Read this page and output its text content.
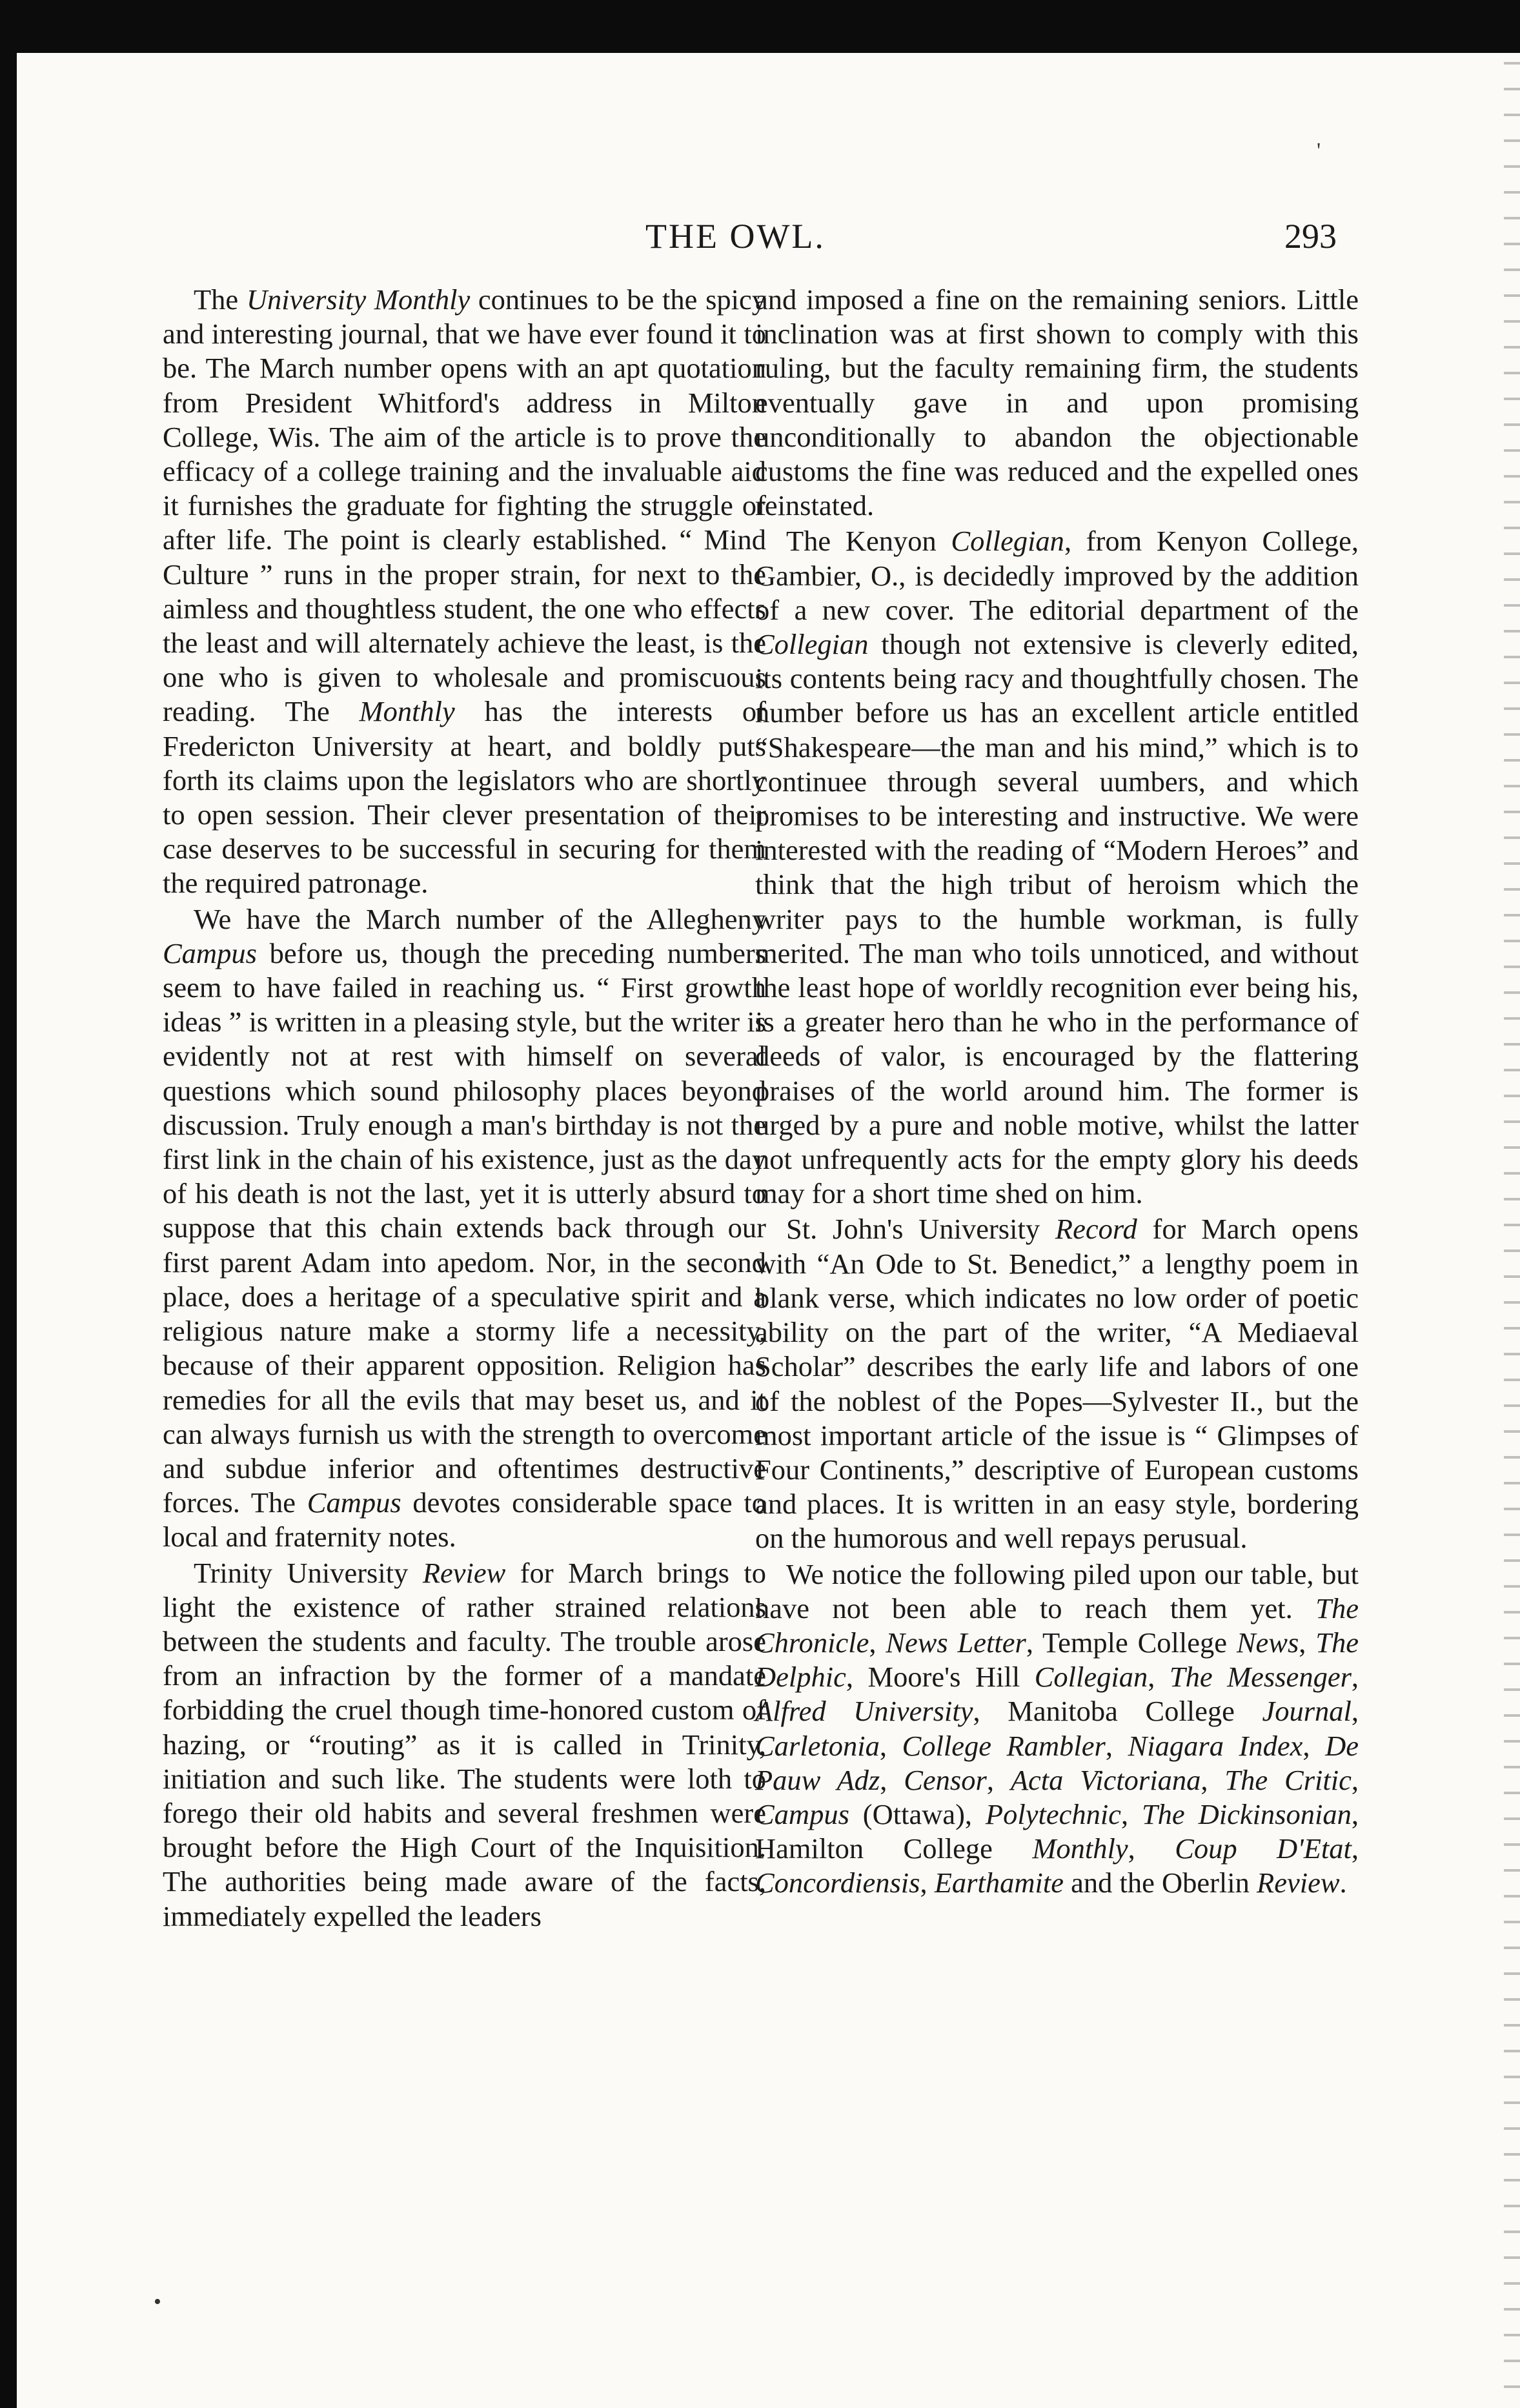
'
•
THE OWL.	293

The University Monthly continues to be the spicy and interesting journal, that we have ever found it to be. The March number opens with an apt quotation from President Whitford's address in Milton College, Wis. The aim of the article is to prove the efficacy of a college training and the invaluable aid it furnishes the graduate for fighting the struggle of after life. The point is clearly established. “ Mind Culture ” runs in the proper strain, for next to the aimless and thoughtless student, the one who effects the least and will alternately achieve the least, is the one who is given to wholesale and promiscuous reading. The Monthly has the interests of Fredericton University at heart, and boldly puts forth its claims upon the legislators who are shortly to open session. Their clever presentation of their case deserves to be successful in securing for them the required patronage.

We have the March number of the Allegheny Campus before us, though the preceding numbers seem to have failed in reaching us. “ First growth ideas ” is written in a pleasing style, but the writer is evidently not at rest with himself on several questions which sound philosophy places beyond discussion. Truly enough a man's birthday is not the first link in the chain of his existence, just as the day of his death is not the last, yet it is utterly absurd to suppose that this chain extends back through our first parent Adam into apedom. Nor, in the second place, does a heritage of a speculative spirit and a religious nature make a stormy life a necessity, because of their apparent opposition. Religion has remedies for all the evils that may beset us, and it can always furnish us with the strength to overcome and subdue inferior and oftentimes destructive forces. The Campus devotes considerable space to local and fraternity notes.

Trinity University Review for March brings to light the existence of rather strained relations between the students and faculty. The trouble arose from an infraction by the former of a mandate forbidding the cruel though time-honored custom of hazing, or “routing” as it is called in Trinity, initiation and such like. The students were loth to forego their old habits and several freshmen were brought before the High Court of the Inquisition. The authorities being made aware of the facts, immediately expelled the leaders

and imposed a fine on the remaining seniors. Little inclination was at first shown to comply with this ruling, but the faculty remaining firm, the students eventually gave in and upon promising unconditionally to abandon the objectionable customs the fine was reduced and the expelled ones reinstated.

The Kenyon Collegian, from Kenyon College, Gambier, O., is decidedly improved by the addition of a new cover. The editorial department of the Collegian though not extensive is cleverly edited, its contents being racy and thoughtfully chosen. The number before us has an excellent article entitled “Shakespeare—the man and his mind,” which is to continuee through several uumbers, and which promises to be interesting and instructive. We were interested with the reading of “Modern Heroes” and think that the high tribut of heroism which the writer pays to the humble workman, is fully merited. The man who toils unnoticed, and without the least hope of worldly recognition ever being his, is a greater hero than he who in the performance of deeds of valor, is encouraged by the flattering praises of the world around him. The former is urged by a pure and noble motive, whilst the latter not unfrequently acts for the empty glory his deeds may for a short time shed on him.

St. John's University Record for March opens with “An Ode to St. Benedict,” a lengthy poem in blank verse, which indicates no low order of poetic ability on the part of the writer, “A Mediaeval Scholar” describes the early life and labors of one of the noblest of the Popes—Sylvester II., but the most important article of the issue is “ Glimpses of Four Continents,” descriptive of European customs and places. It is written in an easy style, bordering on the humorous and well repays perusual.

We notice the following piled upon our table, but have not been able to reach them yet. The Chronicle, News Letter, Temple College News, The Delphic, Moore's Hill Collegian, The Messenger, Alfred University, Manitoba College Journal, Carletonia, College Rambler, Niagara Index, De Pauw Adz, Censor, Acta Victoriana, The Critic, Campus (Ottawa), Polytechnic, The Dickinsonian, Hamilton College Monthly, Coup D'Etat, Concordiensis, Earthamite and the Oberlin Review.
